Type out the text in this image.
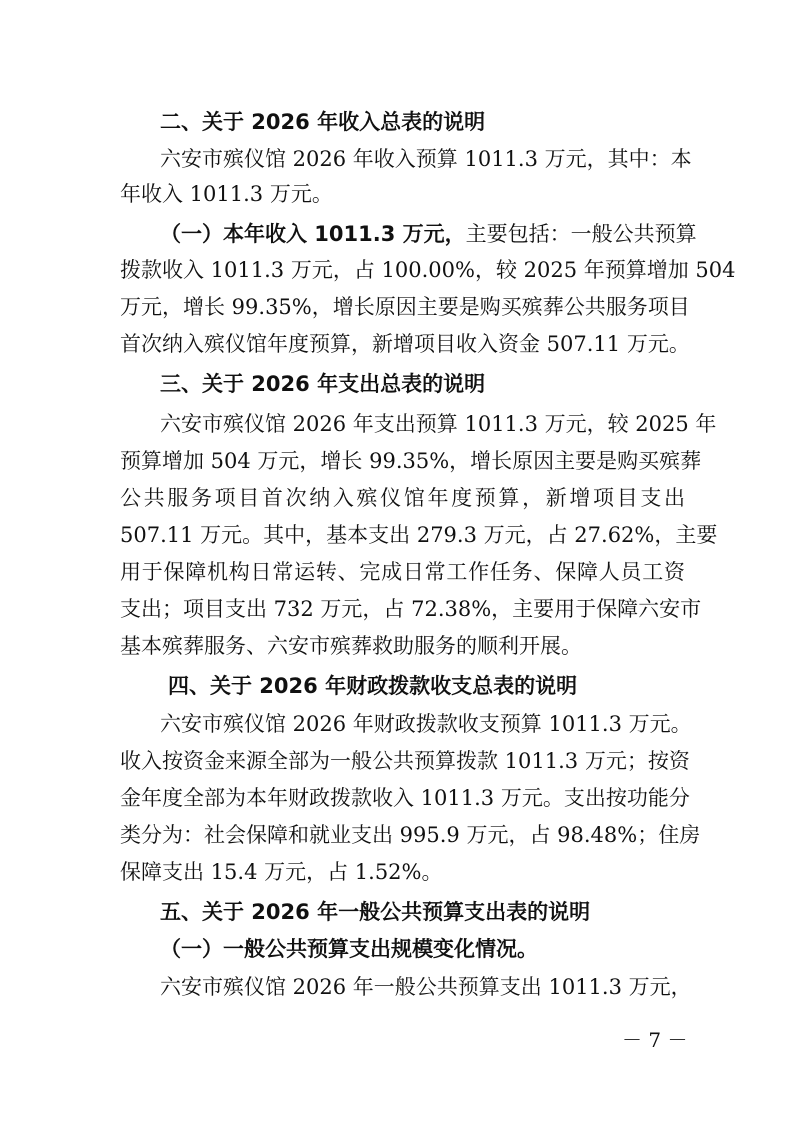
二、关于 2026 年收入总表的说明
六安市殡仪馆 2026 年收入预算 1011.3 万元，其中：本
年收入 1011.3 万元。
（一）本年收入 1011.3 万元，主要包括：一般公共预算
拨款收入 1011.3 万元，占 100.00%，较 2025 年预算增加 504
万元，增长 99.35%，增长原因主要是购买殡葬公共服务项目
首次纳入殡仪馆年度预算，新增项目收入资金 507.11 万元。
三、关于 2026 年支出总表的说明
六安市殡仪馆 2026 年支出预算 1011.3 万元，较 2025 年
预算增加 504 万元，增长 99.35%，增长原因主要是购买殡葬
公共服务项目首次纳入殡仪馆年度预算，新增项目支出
507.11 万元。其中，基本支出 279.3 万元，占 27.62%，主要
用于保障机构日常运转、完成日常工作任务、保障人员工资
支出；项目支出 732 万元，占 72.38%，主要用于保障六安市
基本殡葬服务、六安市殡葬救助服务的顺利开展。
四、关于 2026 年财政拨款收支总表的说明
六安市殡仪馆 2026 年财政拨款收支预算 1011.3 万元。
收入按资金来源全部为一般公共预算拨款 1011.3 万元；按资
金年度全部为本年财政拨款收入 1011.3 万元。支出按功能分
类分为：社会保障和就业支出 995.9 万元，占 98.48%；住房
保障支出 15.4 万元，占 1.52%。
五、关于 2026 年一般公共预算支出表的说明
（一）一般公共预算支出规模变化情况。
六安市殡仪馆 2026 年一般公共预算支出 1011.3 万元，
－ 7 －
